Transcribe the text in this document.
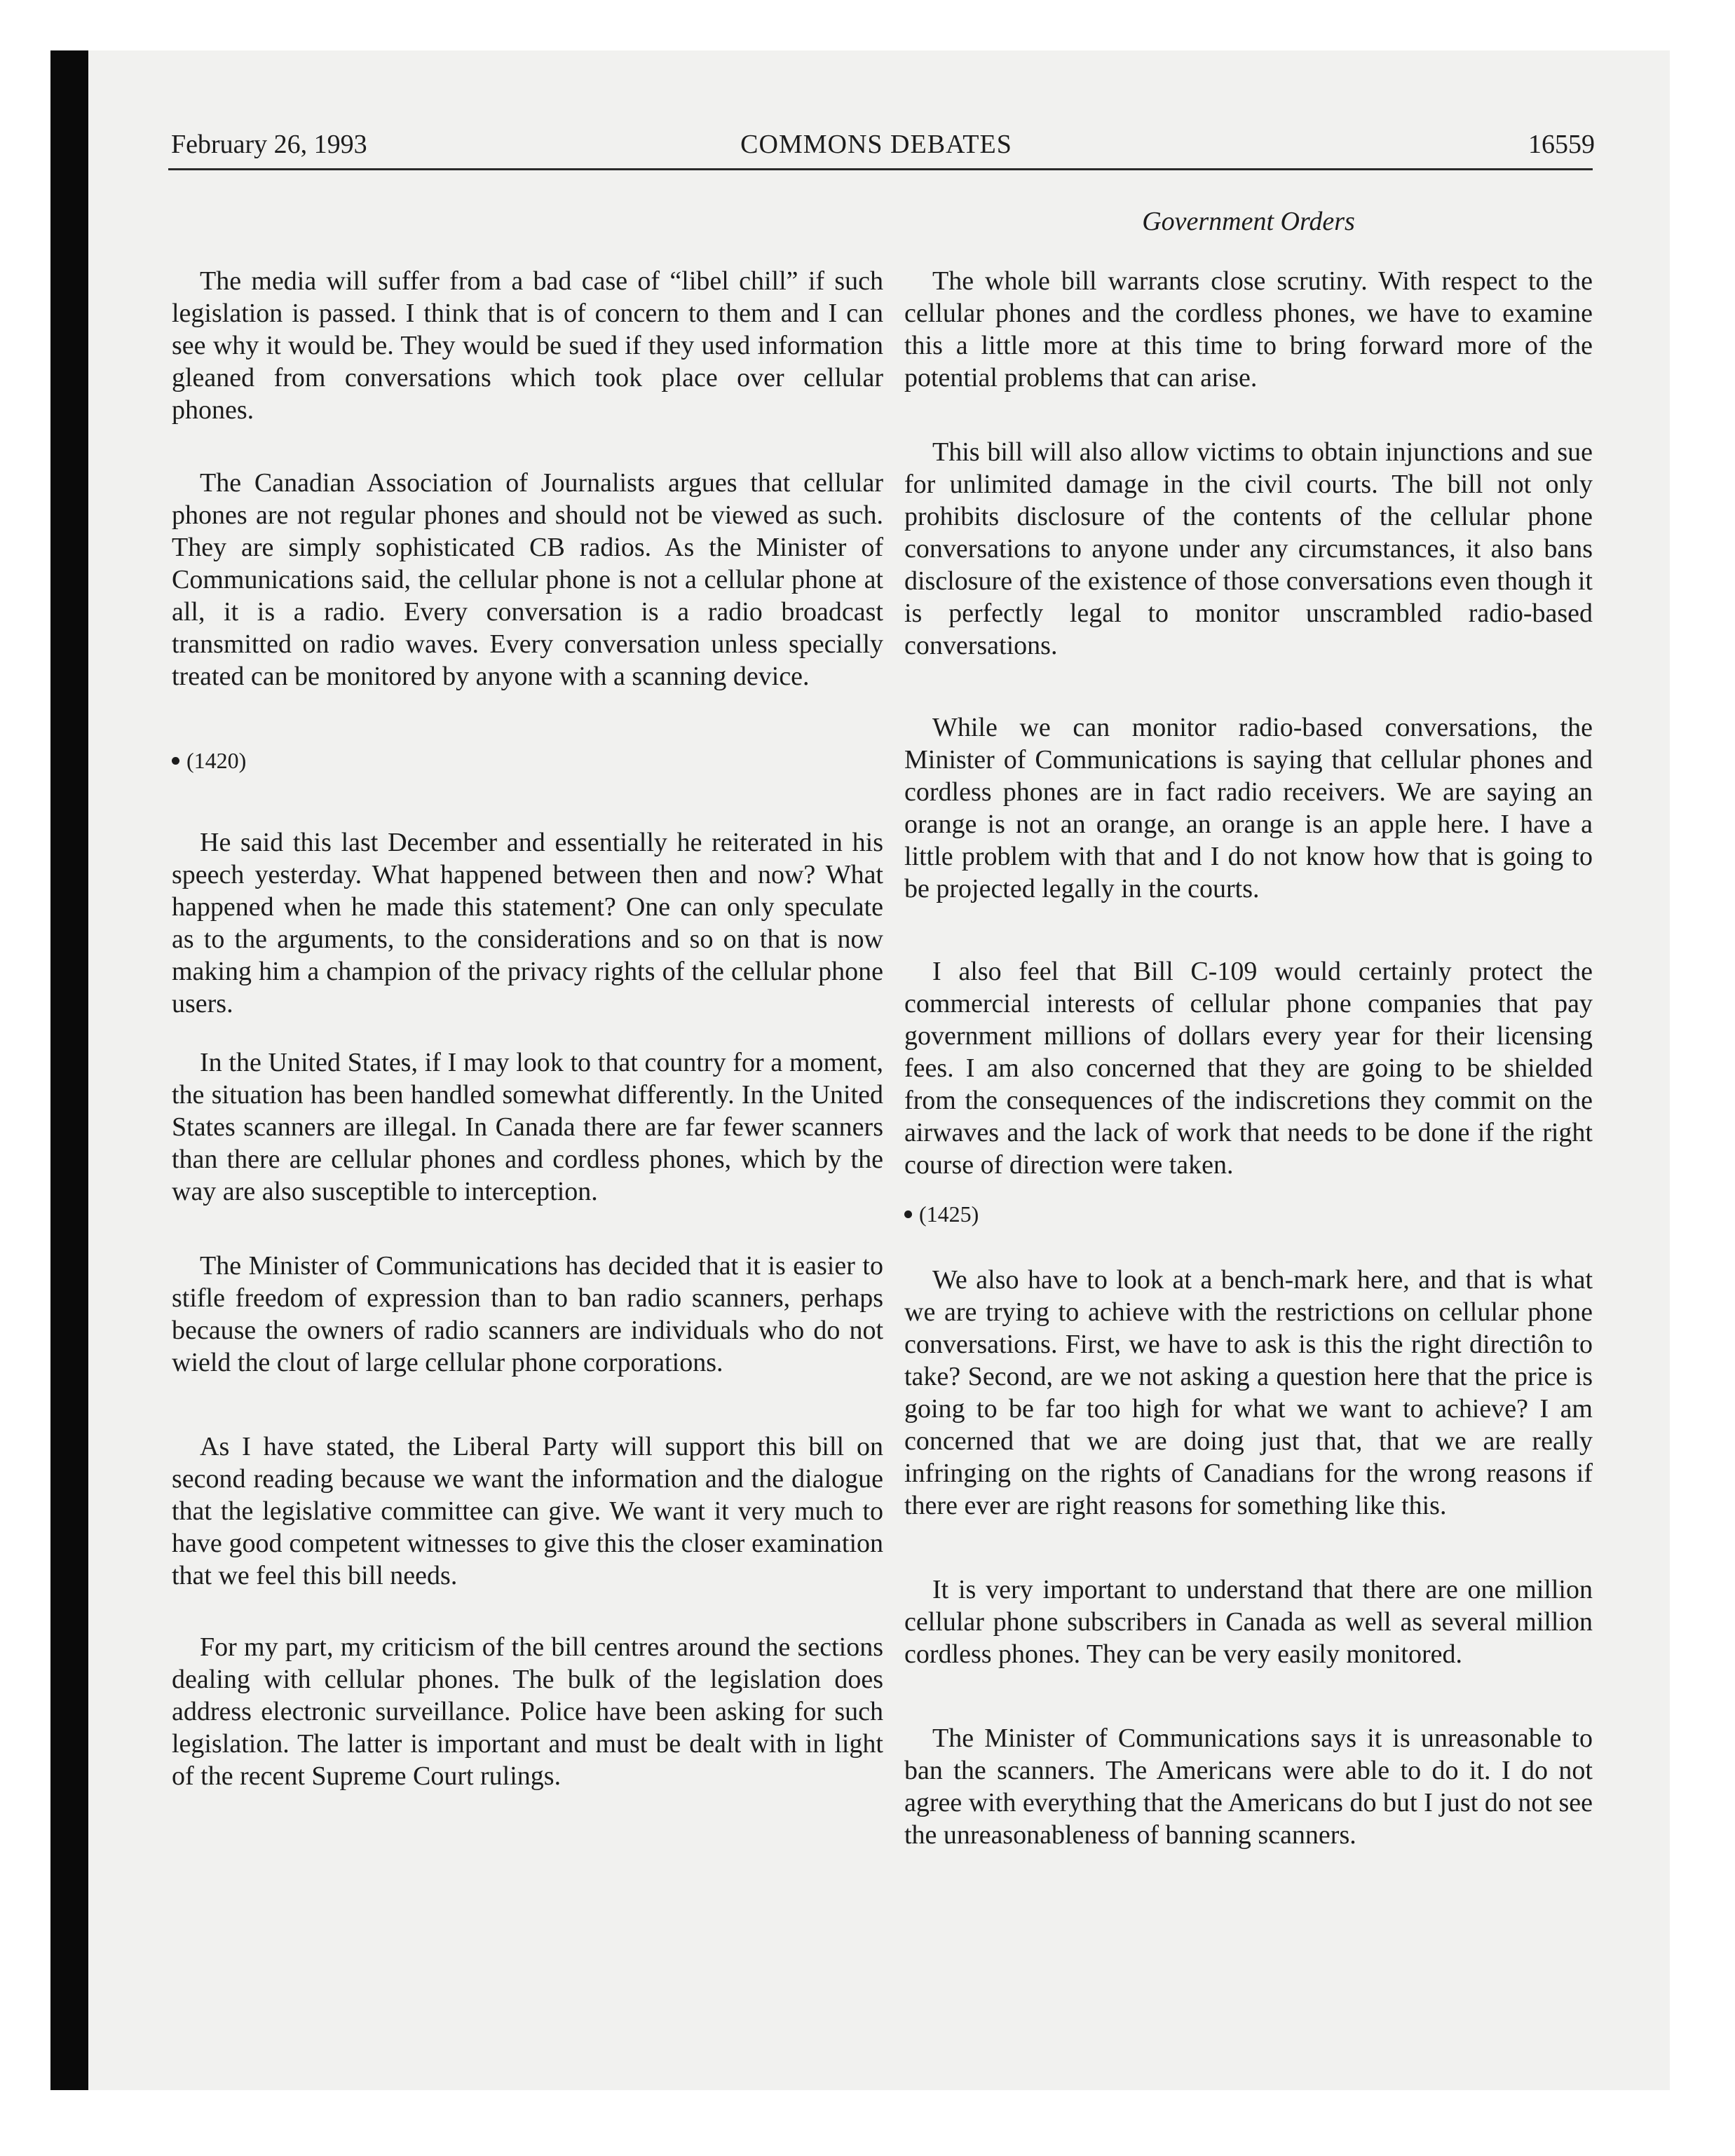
February 26, 1993	COMMONS DEBATES	16559
Government Orders

The media will suffer from a bad case of “libel chill” if such legislation is passed. I think that is of concern to them and I can see why it would be. They would be sued if they used information gleaned from conversations which took place over cellular phones.

The Canadian Association of Journalists argues that cellular phones are not regular phones and should not be viewed as such. They are simply sophisticated CB radios. As the Minister of Communications said, the cellular phone is not a cellular phone at all, it is a radio. Every conversation is a radio broadcast transmitted on radio waves. Every conversation unless specially treated can be monitored by anyone with a scanning device.

(1420)

He said this last December and essentially he reiterated in his speech yesterday. What happened between then and now? What happened when he made this statement? One can only speculate as to the arguments, to the considerations and so on that is now making him a champion of the privacy rights of the cellular phone users.

In the United States, if I may look to that country for a moment, the situation has been handled somewhat differently. In the United States scanners are illegal. In Canada there are far fewer scanners than there are cellular phones and cordless phones, which by the way are also susceptible to interception.

The Minister of Communications has decided that it is easier to stifle freedom of expression than to ban radio scanners, perhaps because the owners of radio scanners are individuals who do not wield the clout of large cellular phone corporations.

As I have stated, the Liberal Party will support this bill on second reading because we want the information and the dialogue that the legislative committee can give. We want it very much to have good competent witnesses to give this the closer examination that we feel this bill needs.

For my part, my criticism of the bill centres around the sections dealing with cellular phones. The bulk of the legislation does address electronic surveillance. Police have been asking for such legislation. The latter is important and must be dealt with in light of the recent Supreme Court rulings.

The whole bill warrants close scrutiny. With respect to the cellular phones and the cordless phones, we have to examine this a little more at this time to bring forward more of the potential problems that can arise.

This bill will also allow victims to obtain injunctions and sue for unlimited damage in the civil courts. The bill not only prohibits disclosure of the contents of the cellular phone conversations to anyone under any circumstances, it also bans disclosure of the existence of those conversations even though it is perfectly legal to monitor unscrambled radio-based conversations.

While we can monitor radio-based conversations, the Minister of Communications is saying that cellular phones and cordless phones are in fact radio receivers. We are saying an orange is not an orange, an orange is an apple here. I have a little problem with that and I do not know how that is going to be projected legally in the courts.

I also feel that Bill C-109 would certainly protect the commercial interests of cellular phone companies that pay government millions of dollars every year for their licensing fees. I am also concerned that they are going to be shielded from the consequences of the indiscretions they commit on the airwaves and the lack of work that needs to be done if the right course of direction were taken.

(1425)

We also have to look at a bench-mark here, and that is what we are trying to achieve with the restrictions on cellular phone conversations. First, we have to ask is this the right directiôn to take? Second, are we not asking a question here that the price is going to be far too high for what we want to achieve? I am concerned that we are doing just that, that we are really infringing on the rights of Canadians for the wrong reasons if there ever are right reasons for something like this.

It is very important to understand that there are one million cellular phone subscribers in Canada as well as several million cordless phones. They can be very easily monitored.

The Minister of Communications says it is unreasonable to ban the scanners. The Americans were able to do it. I do not agree with everything that the Americans do but I just do not see the unreasonableness of banning scanners.
